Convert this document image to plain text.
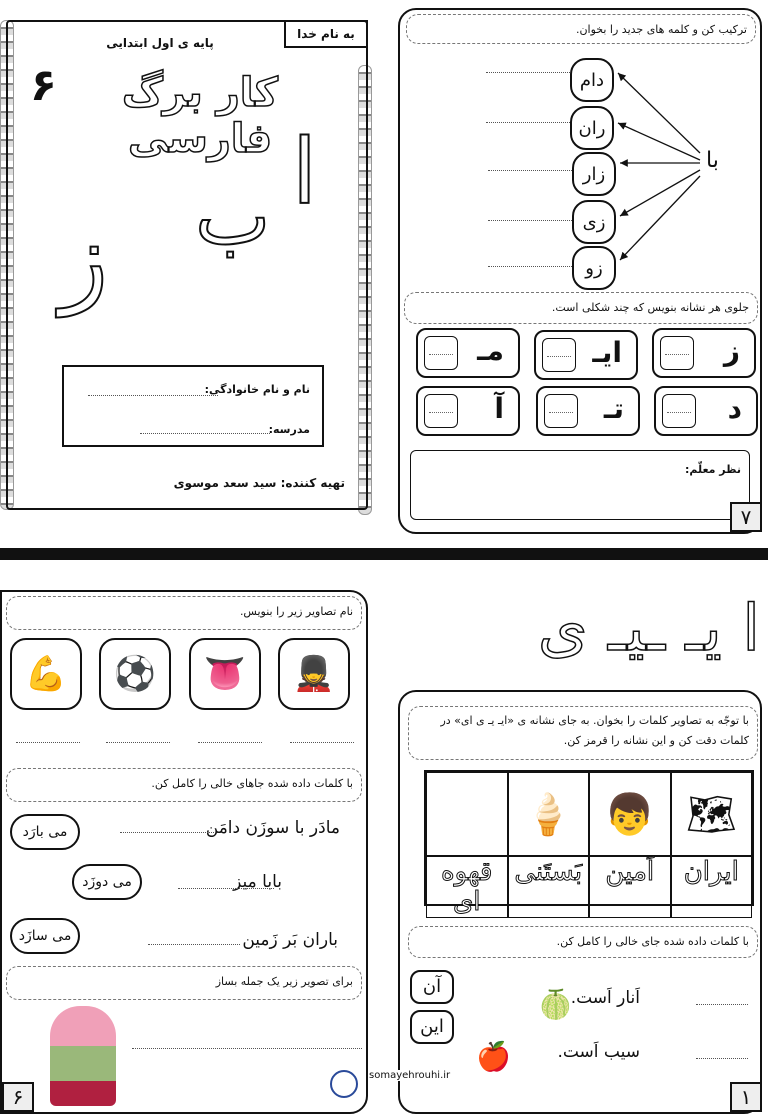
به نام خدا
پایه ی اول ابتدایی
۶	کار برگ فارسی ا
ب
ز
نام و نام خانوادگی:
مدرسه:
تهیه کننده: سید سعد موسوی
ترکیب کن و کلمه های جدید را بخوان.
با
دام
ران
زار
زی
زو
جلوی هر نشانه بنویس که چند شکلی است.
ز
ایـ
مـ
د
تـ
آ
نظر معلّم:
۷
نام تصاویر زیر را بنویس.
💂
👅
⚽
💪
با کلمات داده شده جاهای خالی را کامل کن.
می بارَد
می دوزَد
می سازَد
مادَر با سوزَن دامَن
بابا میز
باران بَر زَمین
برای تصویر زیر یک جمله بساز
۶
ا یـ ـیـ ی
با توجّه به تصاویر کلمات را بخوان. به جای نشانه ی «ایـ یـ ی ای» در کلمات دقت کن و این نشانه را قرمز کن.
🗺
👦
🍦
ایران
اَمین
بَستَنی
قهوه ای
با کلمات داده شده جای خالی را کامل کن.
آن
این
🍈
🍎
اَنار اَست.
سیب اَست.
۱
somayehrouhi.ir
